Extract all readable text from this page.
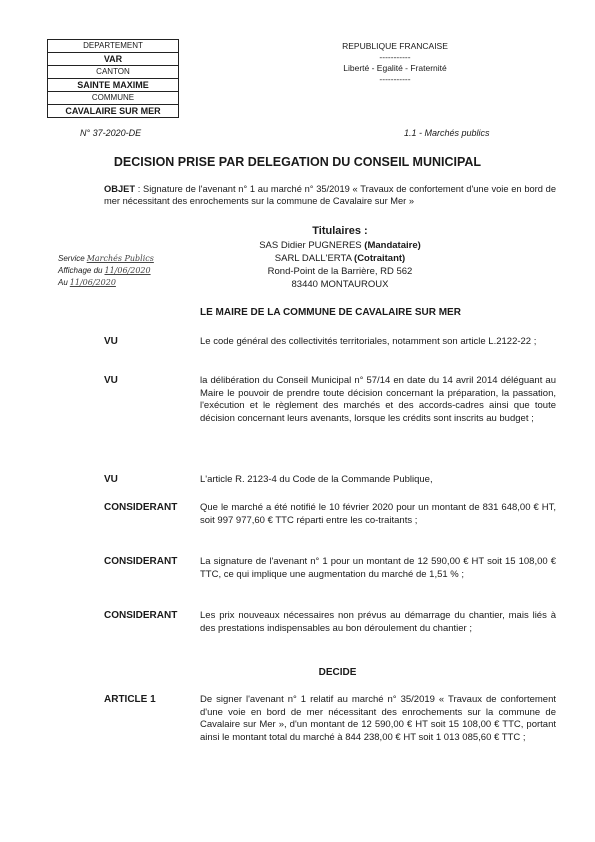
DEPARTEMENT
VAR
CANTON
SAINTE MAXIME
COMMUNE
CAVALAIRE SUR MER
REPUBLIQUE FRANCAISE
-----------
Liberté - Egalité - Fraternité
-----------
N° 37-2020-DE	1.1 - Marchés publics
DECISION PRISE PAR DELEGATION DU CONSEIL MUNICIPAL
OBJET : Signature de l'avenant n° 1 au marché n° 35/2019 « Travaux de confortement d'une voie en bord de mer nécessitant des enrochements sur la commune de Cavalaire sur Mer »
Titulaires :
SAS Didier PUGNERES (Mandataire)
SARL DALL'ERTA (Cotraitant)
Rond-Point de la Barrière, RD 562
83440 MONTAUROUX
Service Marchés Publics
Affichage du 11/06/2020
Au 11/06/2020
LE MAIRE DE LA COMMUNE DE CAVALAIRE SUR MER
VU	Le code général des collectivités territoriales, notamment son article L.2122-22 ;
VU	la délibération du Conseil Municipal n° 57/14 en date du 14 avril 2014 déléguant au Maire le pouvoir de prendre toute décision concernant la préparation, la passation, l'exécution et le règlement des marchés et des accords-cadres ainsi que toute décision concernant leurs avenants, lorsque les crédits sont inscrits au budget ;
VU	L'article R. 2123-4 du Code de la Commande Publique,
CONSIDERANT Que le marché a été notifié le 10 février 2020 pour un montant de 831 648,00 € HT, soit 997 977,60 € TTC réparti entre les co-traitants ;
CONSIDERANT La signature de l'avenant n° 1 pour un montant de 12 590,00 € HT soit 15 108,00 € TTC, ce qui implique une augmentation du marché de 1,51 % ;
CONSIDERANT Les prix nouveaux nécessaires non prévus au démarrage du chantier, mais liés à des prestations indispensables au bon déroulement du chantier ;
DECIDE
ARTICLE 1	De signer l'avenant n° 1 relatif au marché n° 35/2019 « Travaux de confortement d'une voie en bord de mer nécessitant des enrochements sur la commune de Cavalaire sur Mer », d'un montant de 12 590,00 € HT soit 15 108,00 € TTC, portant ainsi le montant total du marché à 844 238,00 € HT soit 1 013 085,60 € TTC ;
